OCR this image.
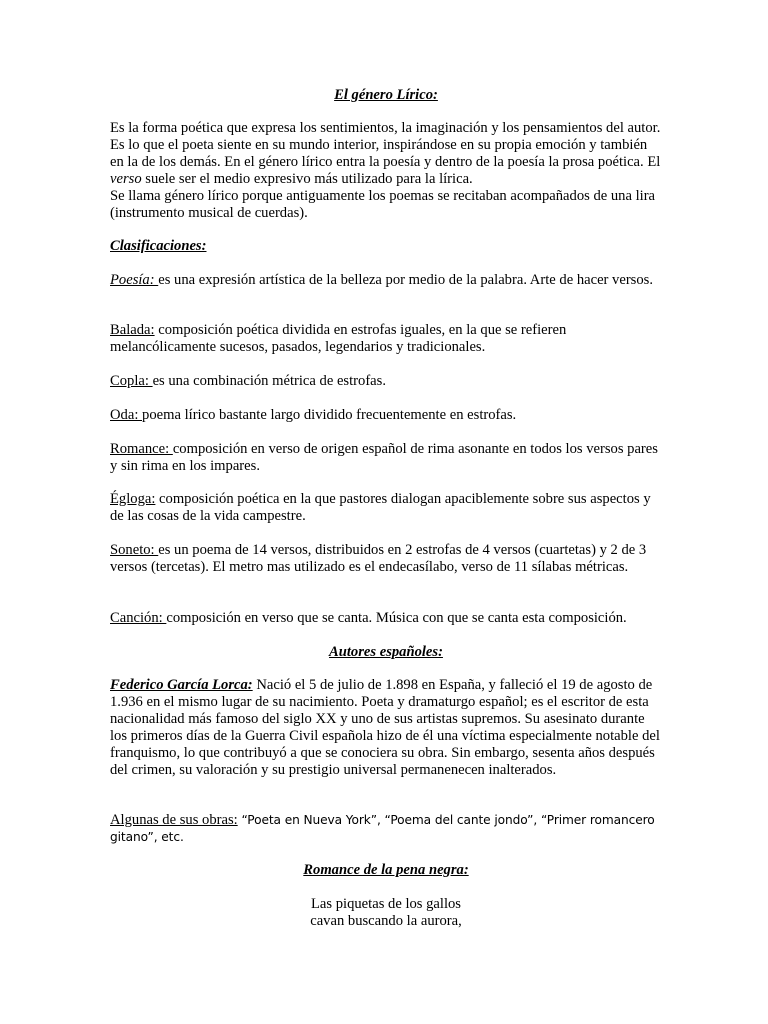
El género Lírico:

Es la forma poética que expresa los sentimientos, la imaginación y los pensamientos del autor. Es lo que el poeta siente en su mundo interior, inspirándose en su propia emoción y también en la de los demás. En el género lírico entra la poesía y dentro de la poesía la prosa poética. El verso suele ser el medio expresivo más utilizado para la lírica.
Se llama género lírico porque antiguamente los poemas se recitaban acompañados de una lira (instrumento musical de cuerdas).

Clasificaciones:

Poesía: es una expresión artística de la belleza por medio de la palabra. Arte de hacer versos.

Balada: composición poética dividida en estrofas iguales, en la que se refieren melancólicamente sucesos, pasados, legendarios y tradicionales.

Copla: es una combinación métrica de estrofas.

Oda: poema lírico bastante largo dividido frecuentemente en estrofas.

Romance: composición en verso de origen español de rima asonante en todos los versos pares y sin rima en los impares.

Égloga: composición poética en la que pastores dialogan apaciblemente sobre sus aspectos y de las cosas de la vida campestre.

Soneto: es un poema de 14 versos, distribuidos en 2 estrofas de 4 versos (cuartetas) y 2 de 3 versos (tercetas). El metro mas utilizado es el endecasílabo, verso de 11 sílabas métricas.

Canción: composición en verso que se canta. Música con que se canta esta composición.

Autores españoles:

Federico García Lorca: Nació el 5 de julio de 1.898 en España, y falleció el 19 de agosto de 1.936 en el mismo lugar de su nacimiento. Poeta y dramaturgo español; es el escritor de esta nacionalidad más famoso del siglo XX y uno de sus artistas supremos. Su asesinato durante los primeros días de la Guerra Civil española hizo de él una víctima especialmente notable del franquismo, lo que contribuyó a que se conociera su obra. Sin embargo, sesenta años después del crimen, su valoración y su prestigio universal permanenecen inalterados.

Algunas de sus obras: “Poeta en Nueva York”, “Poema del cante jondo”, “Primer romancero gitano”, etc.

Romance de la pena negra:

Las piquetas de los gallos
cavan buscando la aurora,
